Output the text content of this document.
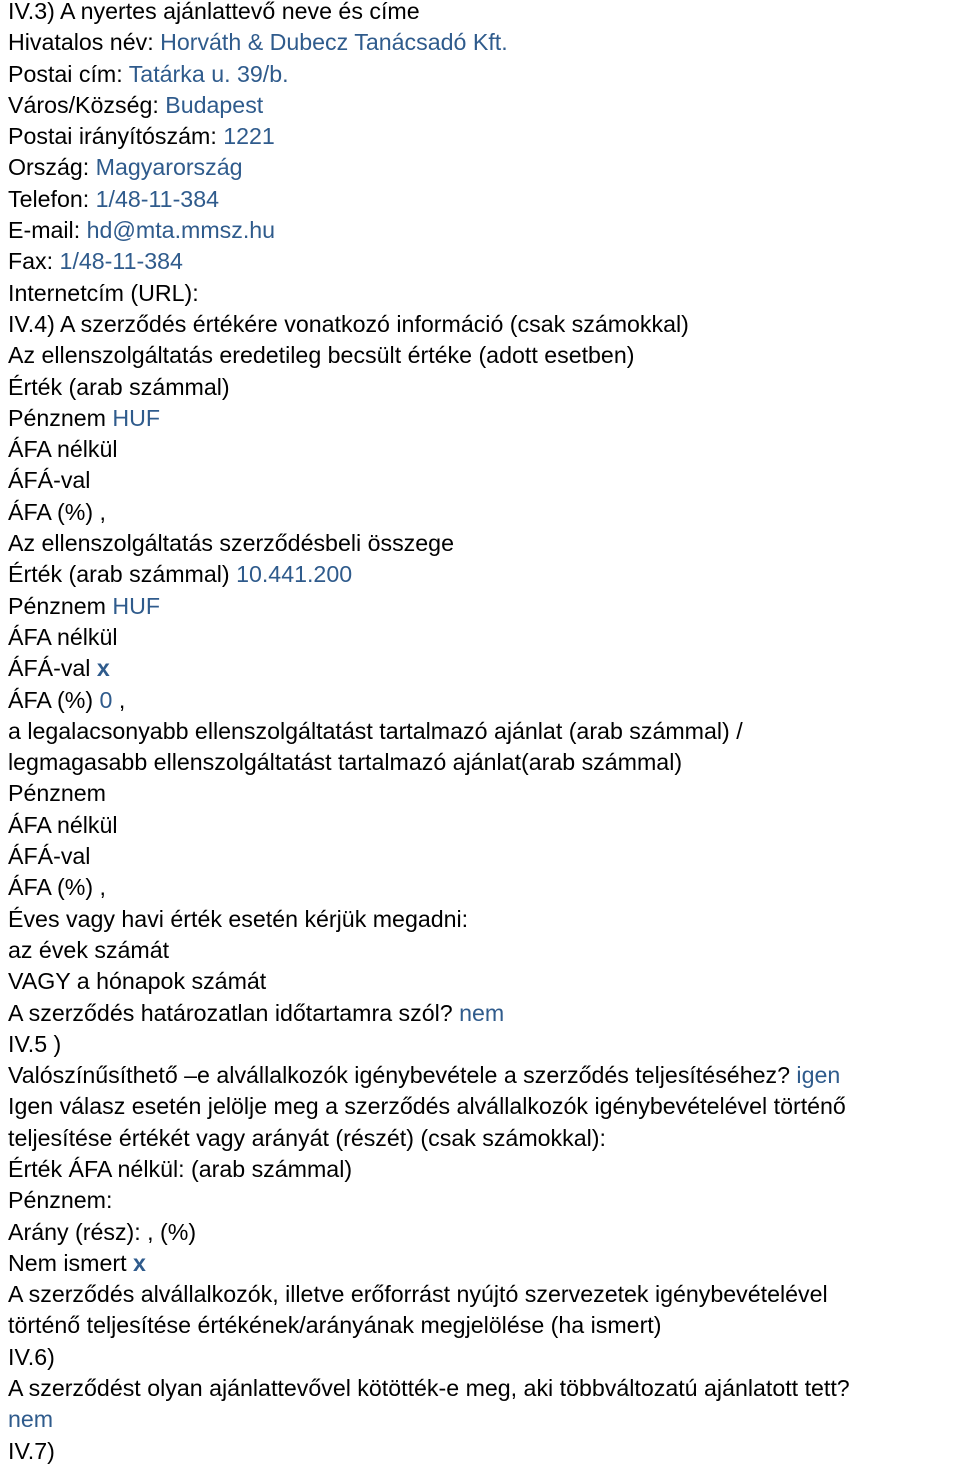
IV.3) A nyertes ajánlattevő neve és címe
Hivatalos név: Horváth & Dubecz Tanácsadó Kft.
Postai cím: Tatárka u. 39/b.
Város/Község: Budapest
Postai irányítószám: 1221
Ország: Magyarország
Telefon: 1/48-11-384
E-mail: hd@mta.mmsz.hu
Fax: 1/48-11-384
Internetcím (URL):
IV.4) A szerződés értékére vonatkozó információ (csak számokkal)
Az ellenszolgáltatás eredetileg becsült értéke (adott esetben)
Érték (arab számmal)
Pénznem HUF
ÁFA nélkül
ÁFÁ-val
ÁFA (%) ,
Az ellenszolgáltatás szerződésbeli összege
Érték (arab számmal) 10.441.200
Pénznem HUF
ÁFA nélkül
ÁFÁ-val x
ÁFA (%) 0 ,
a legalacsonyabb ellenszolgáltatást tartalmazó ajánlat (arab számmal) /
legmagasabb ellenszolgáltatást tartalmazó ajánlat(arab számmal)
Pénznem
ÁFA nélkül
ÁFÁ-val
ÁFA (%) ,
Éves vagy havi érték esetén kérjük megadni:
az évek számát
VAGY a hónapok számát
A szerződés határozatlan időtartamra szól? nem
IV.5 )
Valószínűsíthető –e alvállalkozók igénybevétele a szerződés teljesítéséhez? igen
Igen válasz esetén jelölje meg a szerződés alvállalkozók igénybevételével történő
teljesítése értékét vagy arányát (részét) (csak számokkal):
Érték ÁFA nélkül: (arab számmal)
Pénznem:
Arány (rész): , (%)
Nem ismert x
A szerződés alvállalkozók, illetve erőforrást nyújtó szervezetek igénybevételével
történő teljesítése értékének/arányának megjelölése (ha ismert)
IV.6)
A szerződést olyan ajánlattevővel kötötték-e meg, aki többváltozatú ajánlatott tett?
nem
IV.7)
